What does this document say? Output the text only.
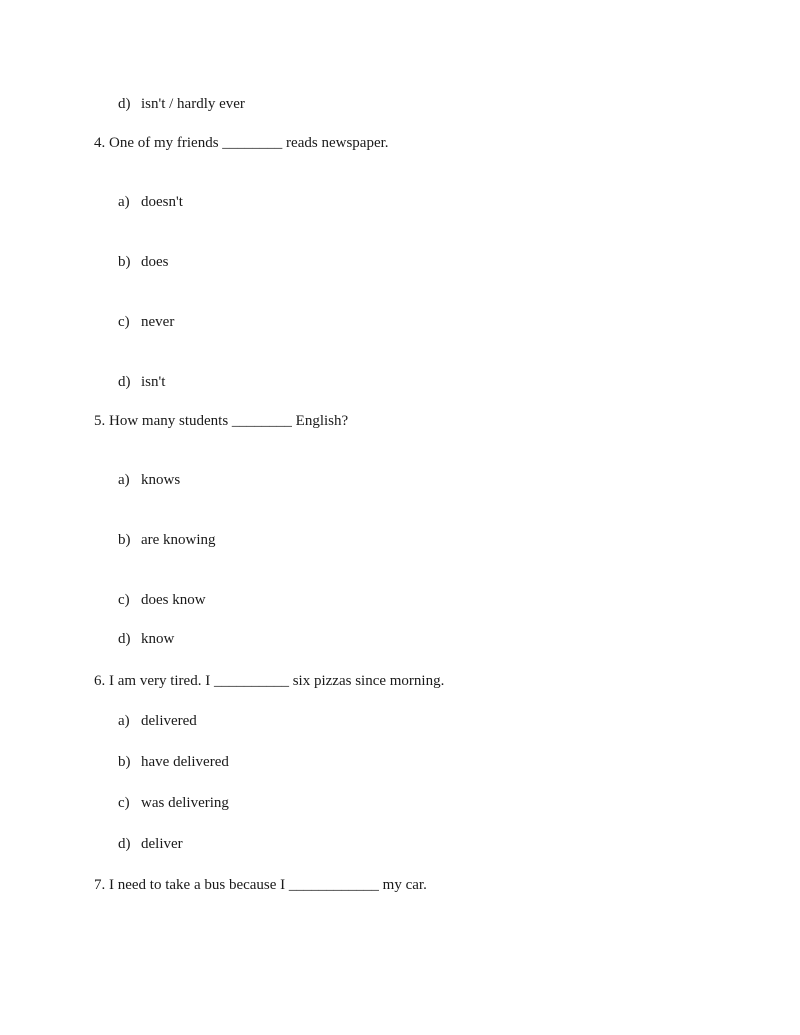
d) isn't / hardly ever
4. One of my friends ________ reads newspaper.
a) doesn't
b) does
c) never
d) isn't
5. How many students ________ English?
a) knows
b) are knowing
c) does know
d) know
6. I am very tired. I __________ six pizzas since morning.
a) delivered
b) have delivered
c) was delivering
d) deliver
7. I need to take a bus because I ____________ my car.
